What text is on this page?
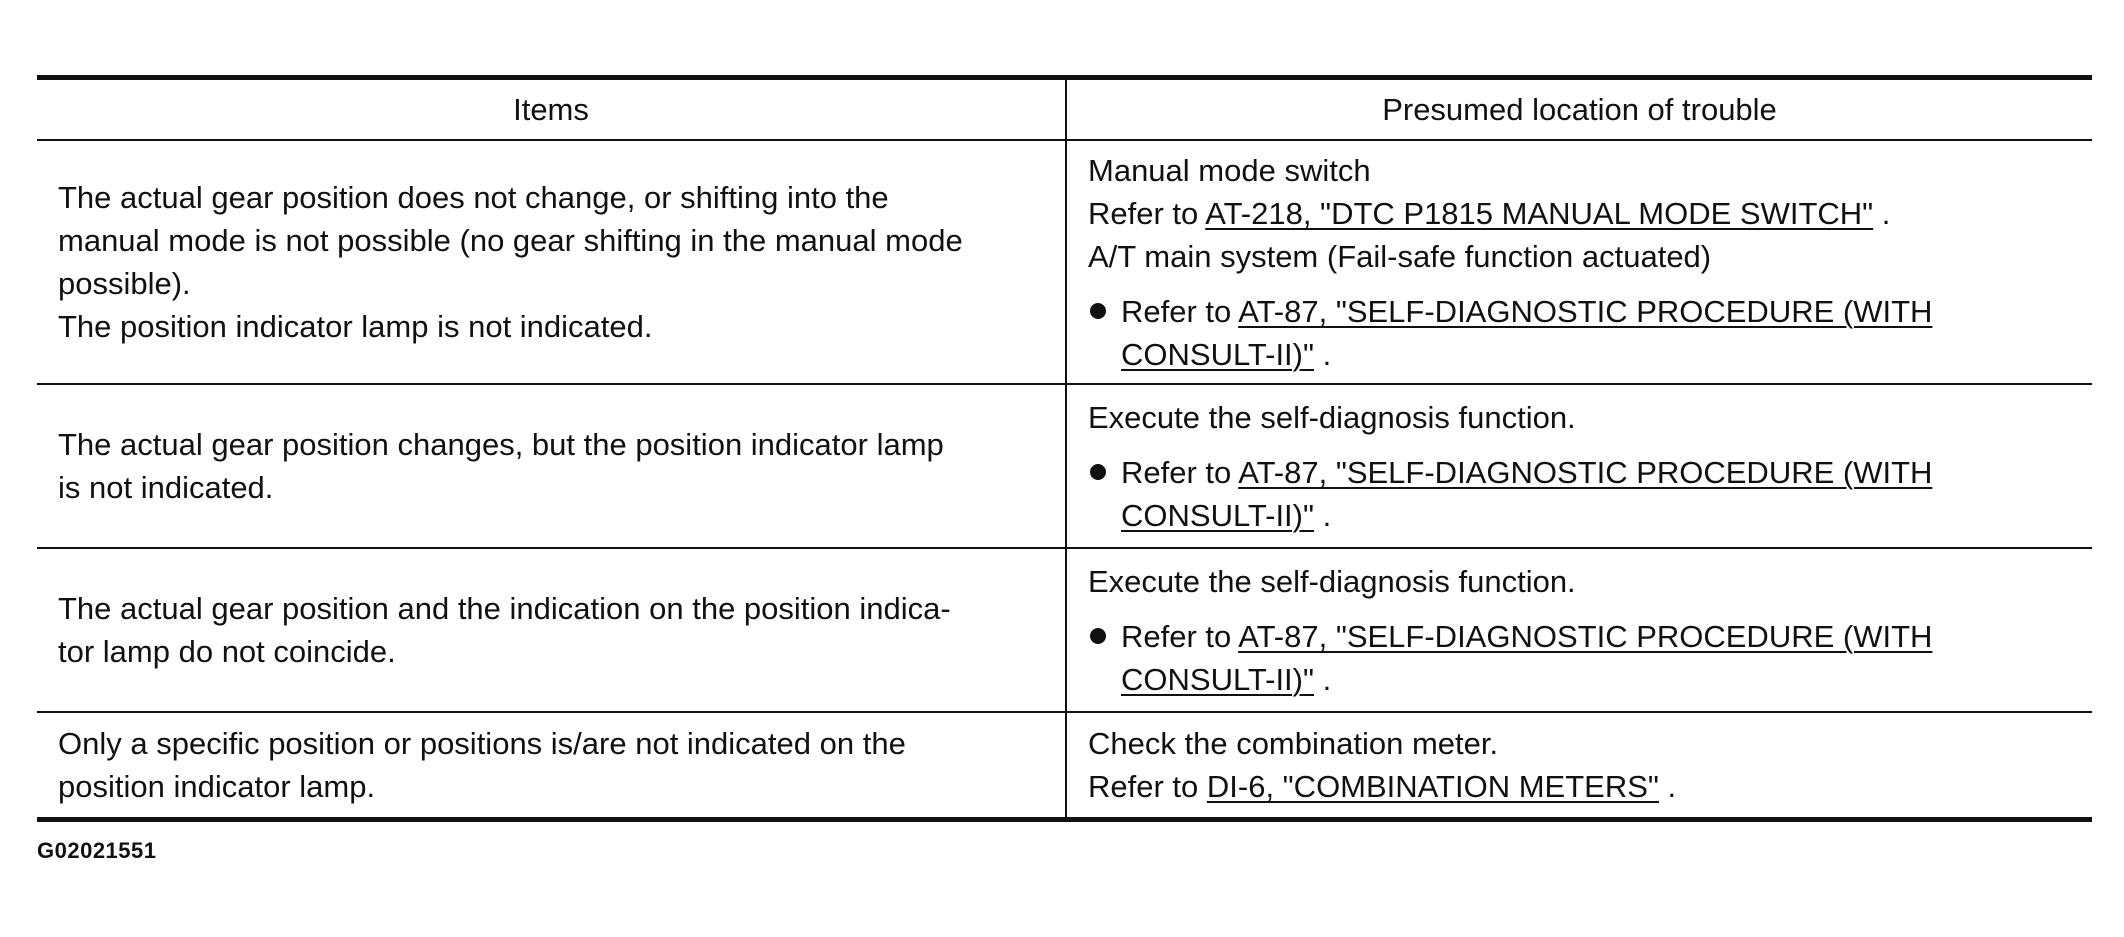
Items	Presumed location of trouble

The actual gear position does not change, or shifting into the
manual mode is not possible (no gear shifting in the manual mode
possible).
The position indicator lamp is not indicated.	Manual mode switch
Refer to AT-218, "DTC P1815 MANUAL MODE SWITCH" .
A/T main system (Fail-safe function actuated)
Refer to AT-87, "SELF-DIAGNOSTIC PROCEDURE (WITH
CONSULT-II)" .

The actual gear position changes, but the position indicator lamp
is not indicated.	Execute the self-diagnosis function.
Refer to AT-87, "SELF-DIAGNOSTIC PROCEDURE (WITH
CONSULT-II)" .

The actual gear position and the indication on the position indica-
tor lamp do not coincide.	Execute the self-diagnosis function.
Refer to AT-87, "SELF-DIAGNOSTIC PROCEDURE (WITH
CONSULT-II)" .

Only a specific position or positions is/are not indicated on the
position indicator lamp.	Check the combination meter.
Refer to DI-6, "COMBINATION METERS" .
G02021551
